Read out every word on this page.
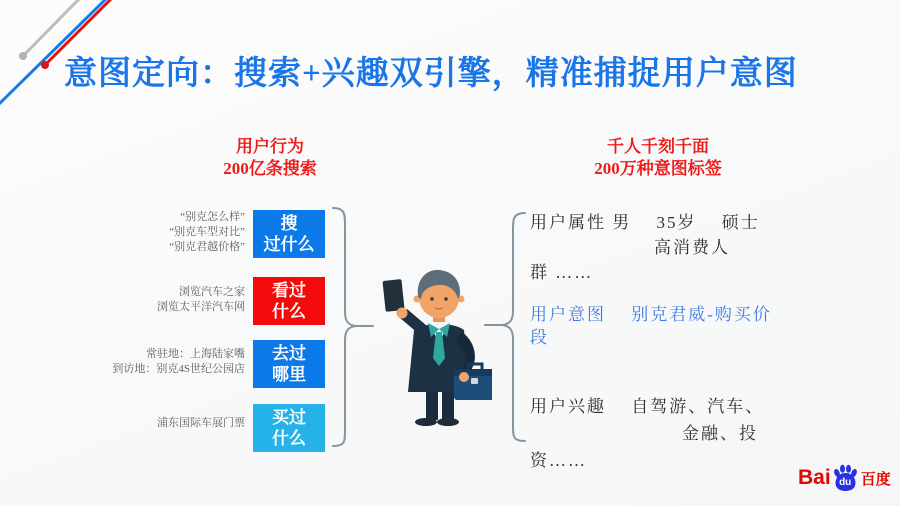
意图定向：搜索+兴趣双引擎，精准捕捉用户意图
用户行为
200亿条搜索
“别克怎么样”
“别克车型对比”
“别克君越价格”
浏览汽车之家
浏览太平洋汽车网
常驻地：上海陆家嘴
到访地：别克4S世纪公园店
浦东国际车展门票
搜
过什么
看过
什么
去过
哪里
买过
什么
千人千刻千面
200万种意图标签
用户属性 男　 35岁　 硕士
高消费人
群 ……
用户意图　 别克君威-购买价
段
用户兴趣　 自驾游、汽车、
金融、投
资……
Bai du 百度
